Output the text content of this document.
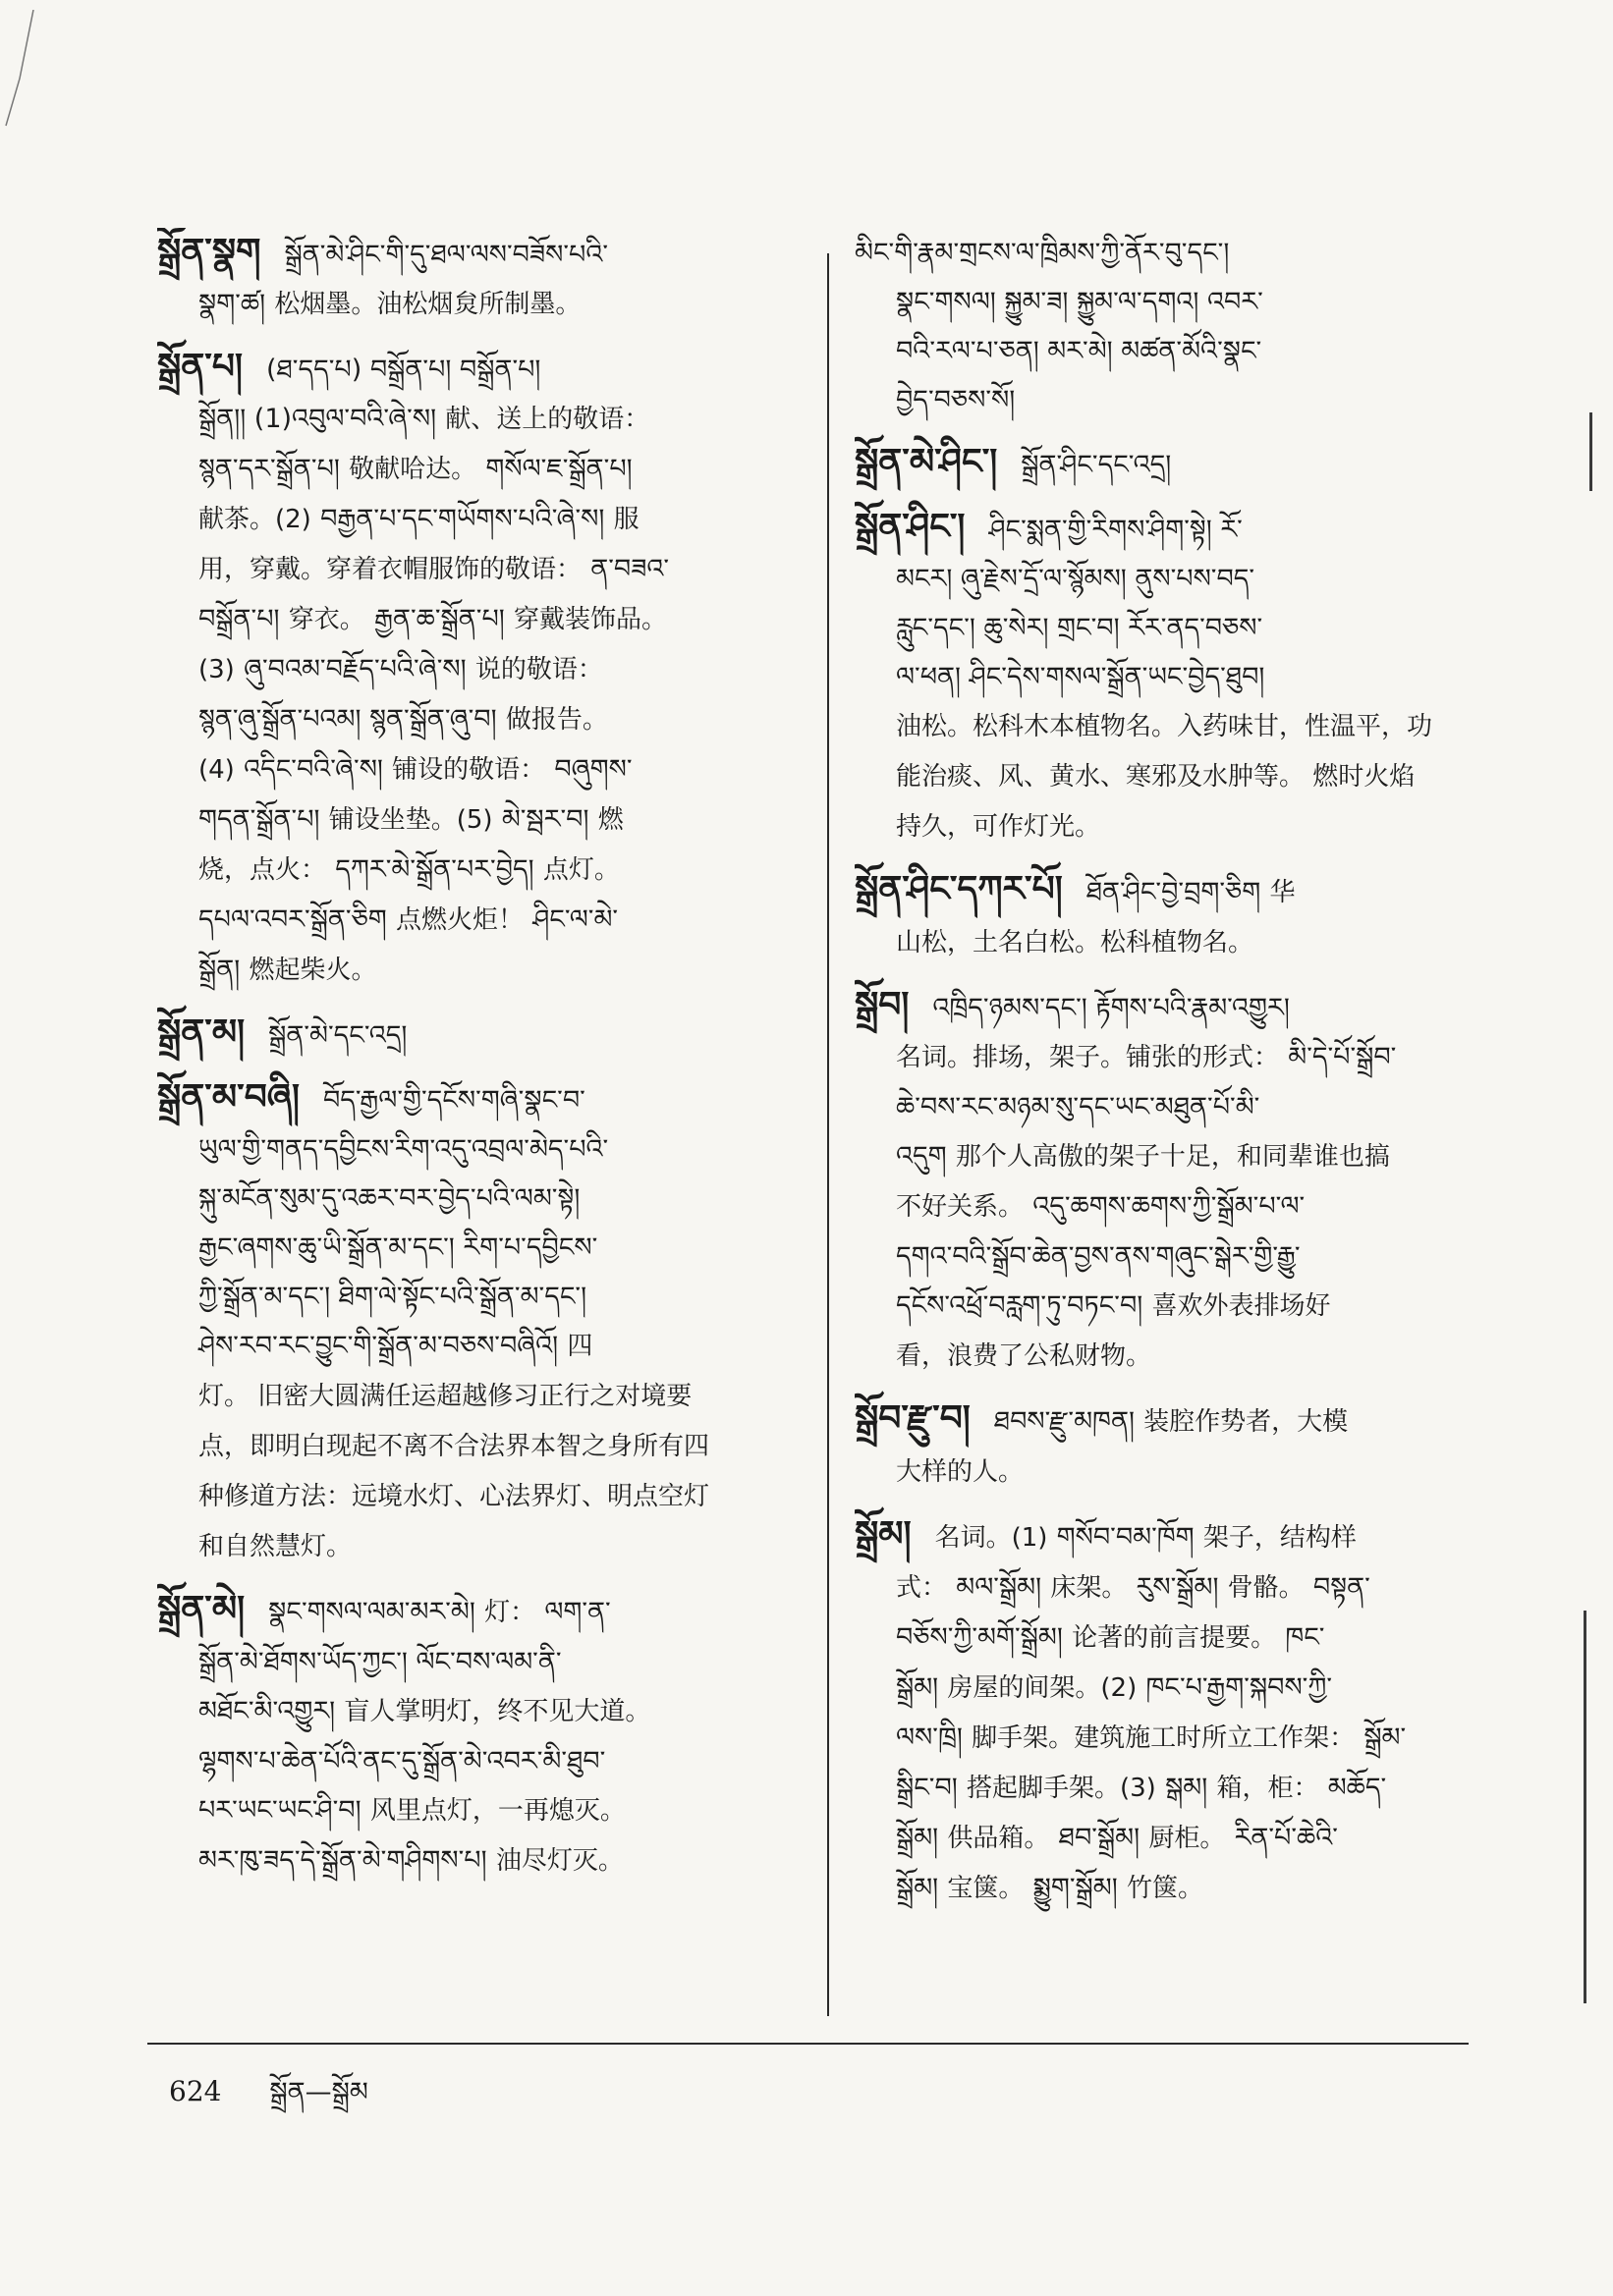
སྒྲོན་སྣག སྒྲོན་མེ་ཤིང་གི་དུ་ཐལ་ལས་བཟོས་པའི་
སྣག་ཚ། 松烟墨。油松烟炱所制墨。
སྒྲོན་པ། (ཐ་དད་པ) བསྒྲོན་པ། བསྒྲོན་པ།
སྒྲོན།། (1)འབུལ་བའི་ཞེ་ས། 献、送上的敬语：
སྙན་དར་སྒྲོན་པ། 敬献哈达。 གསོལ་ཇ་སྒྲོན་པ།
献茶。(2) བརྒྱན་པ་དང་གཡོགས་པའི་ཞེ་ས། 服
用，穿戴。穿着衣帽服饰的敬语： ན་བཟའ་
བསྒྲོན་པ། 穿衣。 རྒྱན་ཆ་སྒྲོན་པ། 穿戴装饰品。
(3) ཞུ་བའམ་བརྗོད་པའི་ཞེ་ས། 说的敬语：
སྙན་ཞུ་སྒྲོན་པའམ། སྙན་སྒྲོན་ཞུ་བ། 做报告。
(4) འདིང་བའི་ཞེ་ས། 铺设的敬语： བཞུགས་
གདན་སྒྲོན་པ། 铺设坐垫。(5) མེ་སྦར་བ། 燃
烧，点火： དཀར་མེ་སྒྲོན་པར་བྱེད། 点灯。
དཔལ་འབར་སྒྲོན་ཅིག 点燃火炬！ ཤིང་ལ་མེ་
སྒྲོན། 燃起柴火。
སྒྲོན་མ། སྒྲོན་མེ་དང་འདྲ།
སྒྲོན་མ་བཞི། བོད་རྒྱལ་གྱི་དངོས་གཞི་སྣང་བ་
ཡུལ་གྱི་གནད་དབྱིངས་རིག་འདུ་འབྲལ་མེད་པའི་
སྐུ་མངོན་སུམ་དུ་འཆར་བར་བྱེད་པའི་ལམ་སྟེ།
རྒྱང་ཞགས་ཆུ་ཡི་སྒྲོན་མ་དང་། རིག་པ་དབྱིངས་
ཀྱི་སྒྲོན་མ་དང་། ཐིག་ལེ་སྟོང་པའི་སྒྲོན་མ་དང་།
ཤེས་རབ་རང་བྱུང་གི་སྒྲོན་མ་བཅས་བཞིའོ། 四
灯。 旧密大圆满任运超越修习正行之对境要
点，即明白现起不离不合法界本智之身所有四
种修道方法：远境水灯、心法界灯、明点空灯
和自然慧灯。
སྒྲོན་མེ། སྣང་གསལ་ལམ་མར་མེ། 灯： ལག་ན་
སྒྲོན་མེ་ཐོགས་ཡོད་ཀྱང་། ལོང་བས་ལམ་ནི་
མཐོང་མི་འགྱུར། 盲人掌明灯，终不见大道。
ལྷགས་པ་ཆེན་པོའི་ནང་དུ་སྒྲོན་མེ་འབར་མི་ཐུབ་
པར་ཡང་ཡང་ཤི་བ། 风里点灯，一再熄灭。
མར་ཁུ་ཟད་དེ་སྒྲོན་མེ་གཤིགས་པ། 油尽灯灭。
མིང་གི་རྣམ་གྲངས་ལ་ཁྲིམས་ཀྱི་ནོར་བུ་དང་།
སྣང་གསལ། སྐྱུམ་ཟ། སྐྱུམ་ལ་དགའ། འབར་
བའི་རལ་པ་ཅན། མར་མེ། མཚན་མོའི་སྣང་
བྱེད་བཅས་སོ།
སྒྲོན་མེ་ཤིང་། སྒྲོན་ཤིང་དང་འདྲ།
སྒྲོན་ཤིང་། ཤིང་སྨན་གྱི་རིགས་ཤིག་སྟེ། རོ་
མངར། ཞུ་རྗེས་དྲོ་ལ་སྙོམས། ནུས་པས་བད་
རླུང་དང་། ཆུ་སེར། གྲང་བ། ཪོར་ནད་བཅས་
ལ་ཕན། ཤིང་དེས་གསལ་སྒྲོན་ཡང་བྱེད་ཐུབ།
油松。松科木本植物名。入药味甘，性温平，功
能治痰、风、黄水、寒邪及水肿等。 燃时火焰
持久，可作灯光。
སྒྲོན་ཤིང་དཀར་པོ། ཐོན་ཤིང་བྱེ་བྲག་ཅིག 华
山松，土名白松。松科植物名。
སྒྲོབ། འཁྲིད་ཉམས་དང་། རྟོགས་པའི་རྣམ་འགྱུར།
名词。排场，架子。铺张的形式： མི་དེ་པོ་སྒྲོབ་
ཆེ་བས་རང་མཉམ་སུ་དང་ཡང་མཐུན་པོ་མི་
འདུག 那个人高傲的架子十足，和同辈谁也搞
不好关系。 འདུ་ཆགས་ཆགས་ཀྱི་སྒྲོམ་པ་ལ་
དགའ་བའི་སྒྲོབ་ཆེན་བྱས་ནས་གཞུང་སྒེར་གྱི་རྒྱུ་
དངོས་འཕྲོ་བརླག་ཏུ་བཏང་བ། 喜欢外表排场好
看，浪费了公私财物。
སྒྲོབ་རྫུ་བ། ཐབས་རྫུ་མཁན། 装腔作势者，大模
大样的人。
སྒྲོམ། 名词。(1) གསོབ་བམ་ཁོག 架子，结构样
式： མལ་སྒྲོམ། 床架。 རུས་སྒྲོམ། 骨骼。 བསྟན་
བཅོས་ཀྱི་མགོ་སྒྲོམ། 论著的前言提要。 ཁང་
སྒྲོམ། 房屋的间架。(2) ཁང་པ་རྒྱག་སྐབས་ཀྱི་
ལས་ཁྲི། 脚手架。建筑施工时所立工作架： སྒྲོམ་
སྒྲིང་བ། 搭起脚手架。(3) སྒམ། 箱，柜： མཆོད་
སྒྲོམ། 供品箱。 ཐབ་སྒྲོམ། 厨柜。 རིན་པོ་ཆེའི་
སྒྲོམ། 宝箧。 སྨྱུག་སྒྲོམ། 竹箧。
624 སྒྲོན—སྒྲོམ
